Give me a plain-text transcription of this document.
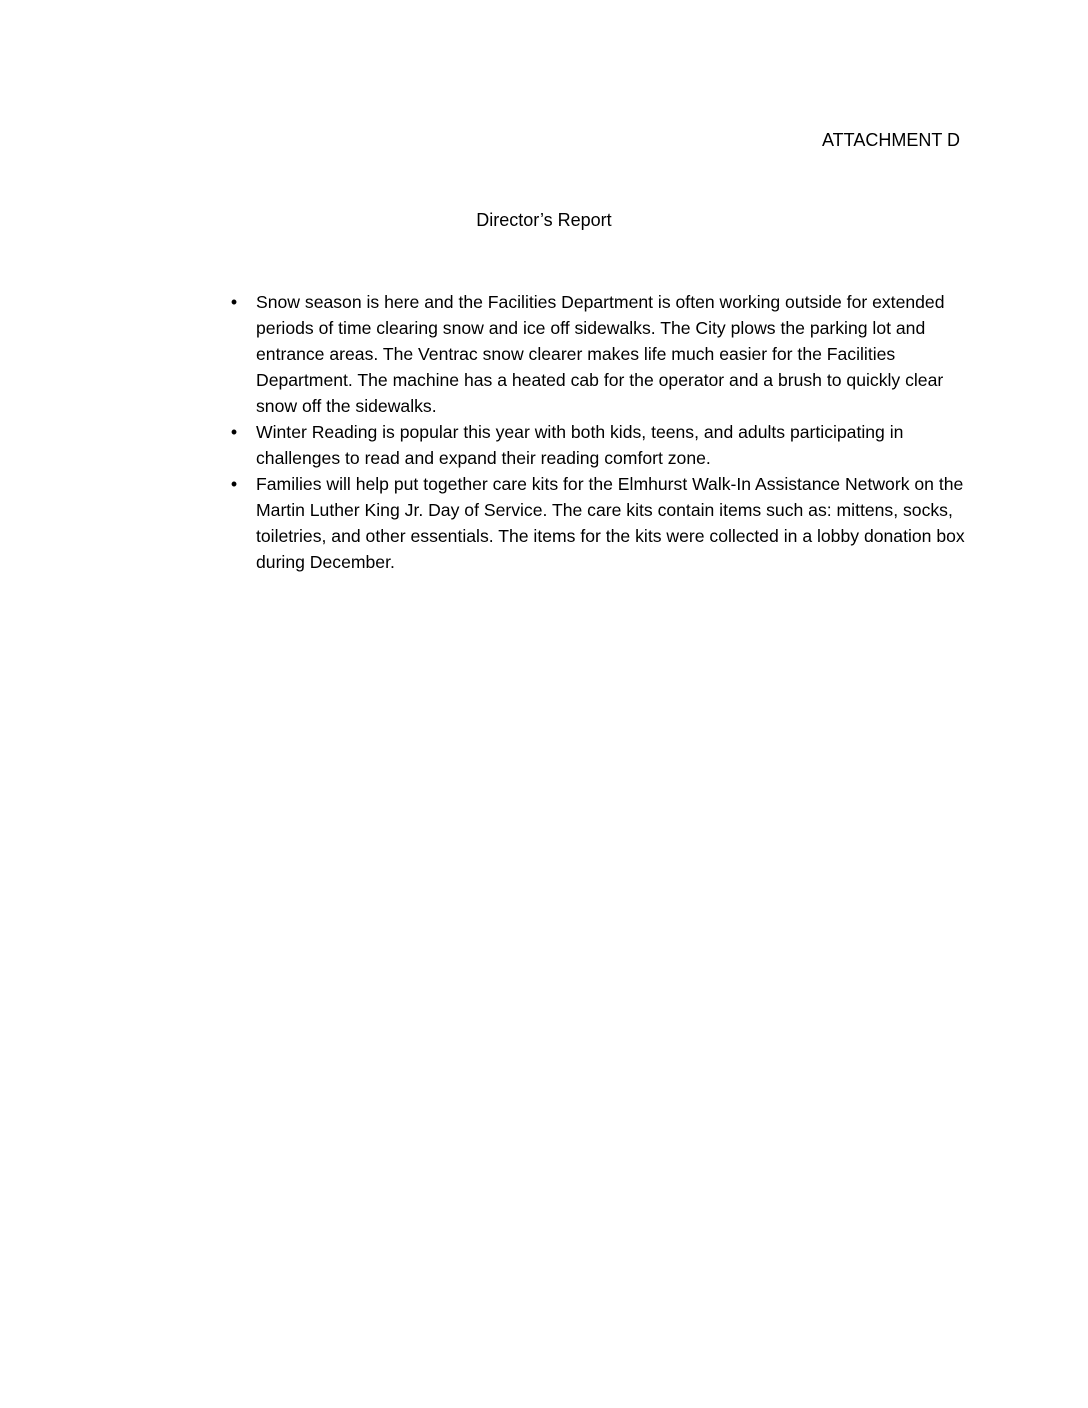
ATTACHMENT D
Director’s Report
•	Snow season is here and the Facilities Department is often working outside for extended periods of time clearing snow and ice off sidewalks. The City plows the parking lot and entrance areas. The Ventrac snow clearer makes life much easier for the Facilities Department. The machine has a heated cab for the operator and a brush to quickly clear snow off the sidewalks.
•	Winter Reading is popular this year with both kids, teens, and adults participating in challenges to read and expand their reading comfort zone.
•	Families will help put together care kits for the Elmhurst Walk-In Assistance Network on the Martin Luther King Jr. Day of Service. The care kits contain items such as: mittens, socks, toiletries, and other essentials. The items for the kits were collected in a lobby donation box during December.
